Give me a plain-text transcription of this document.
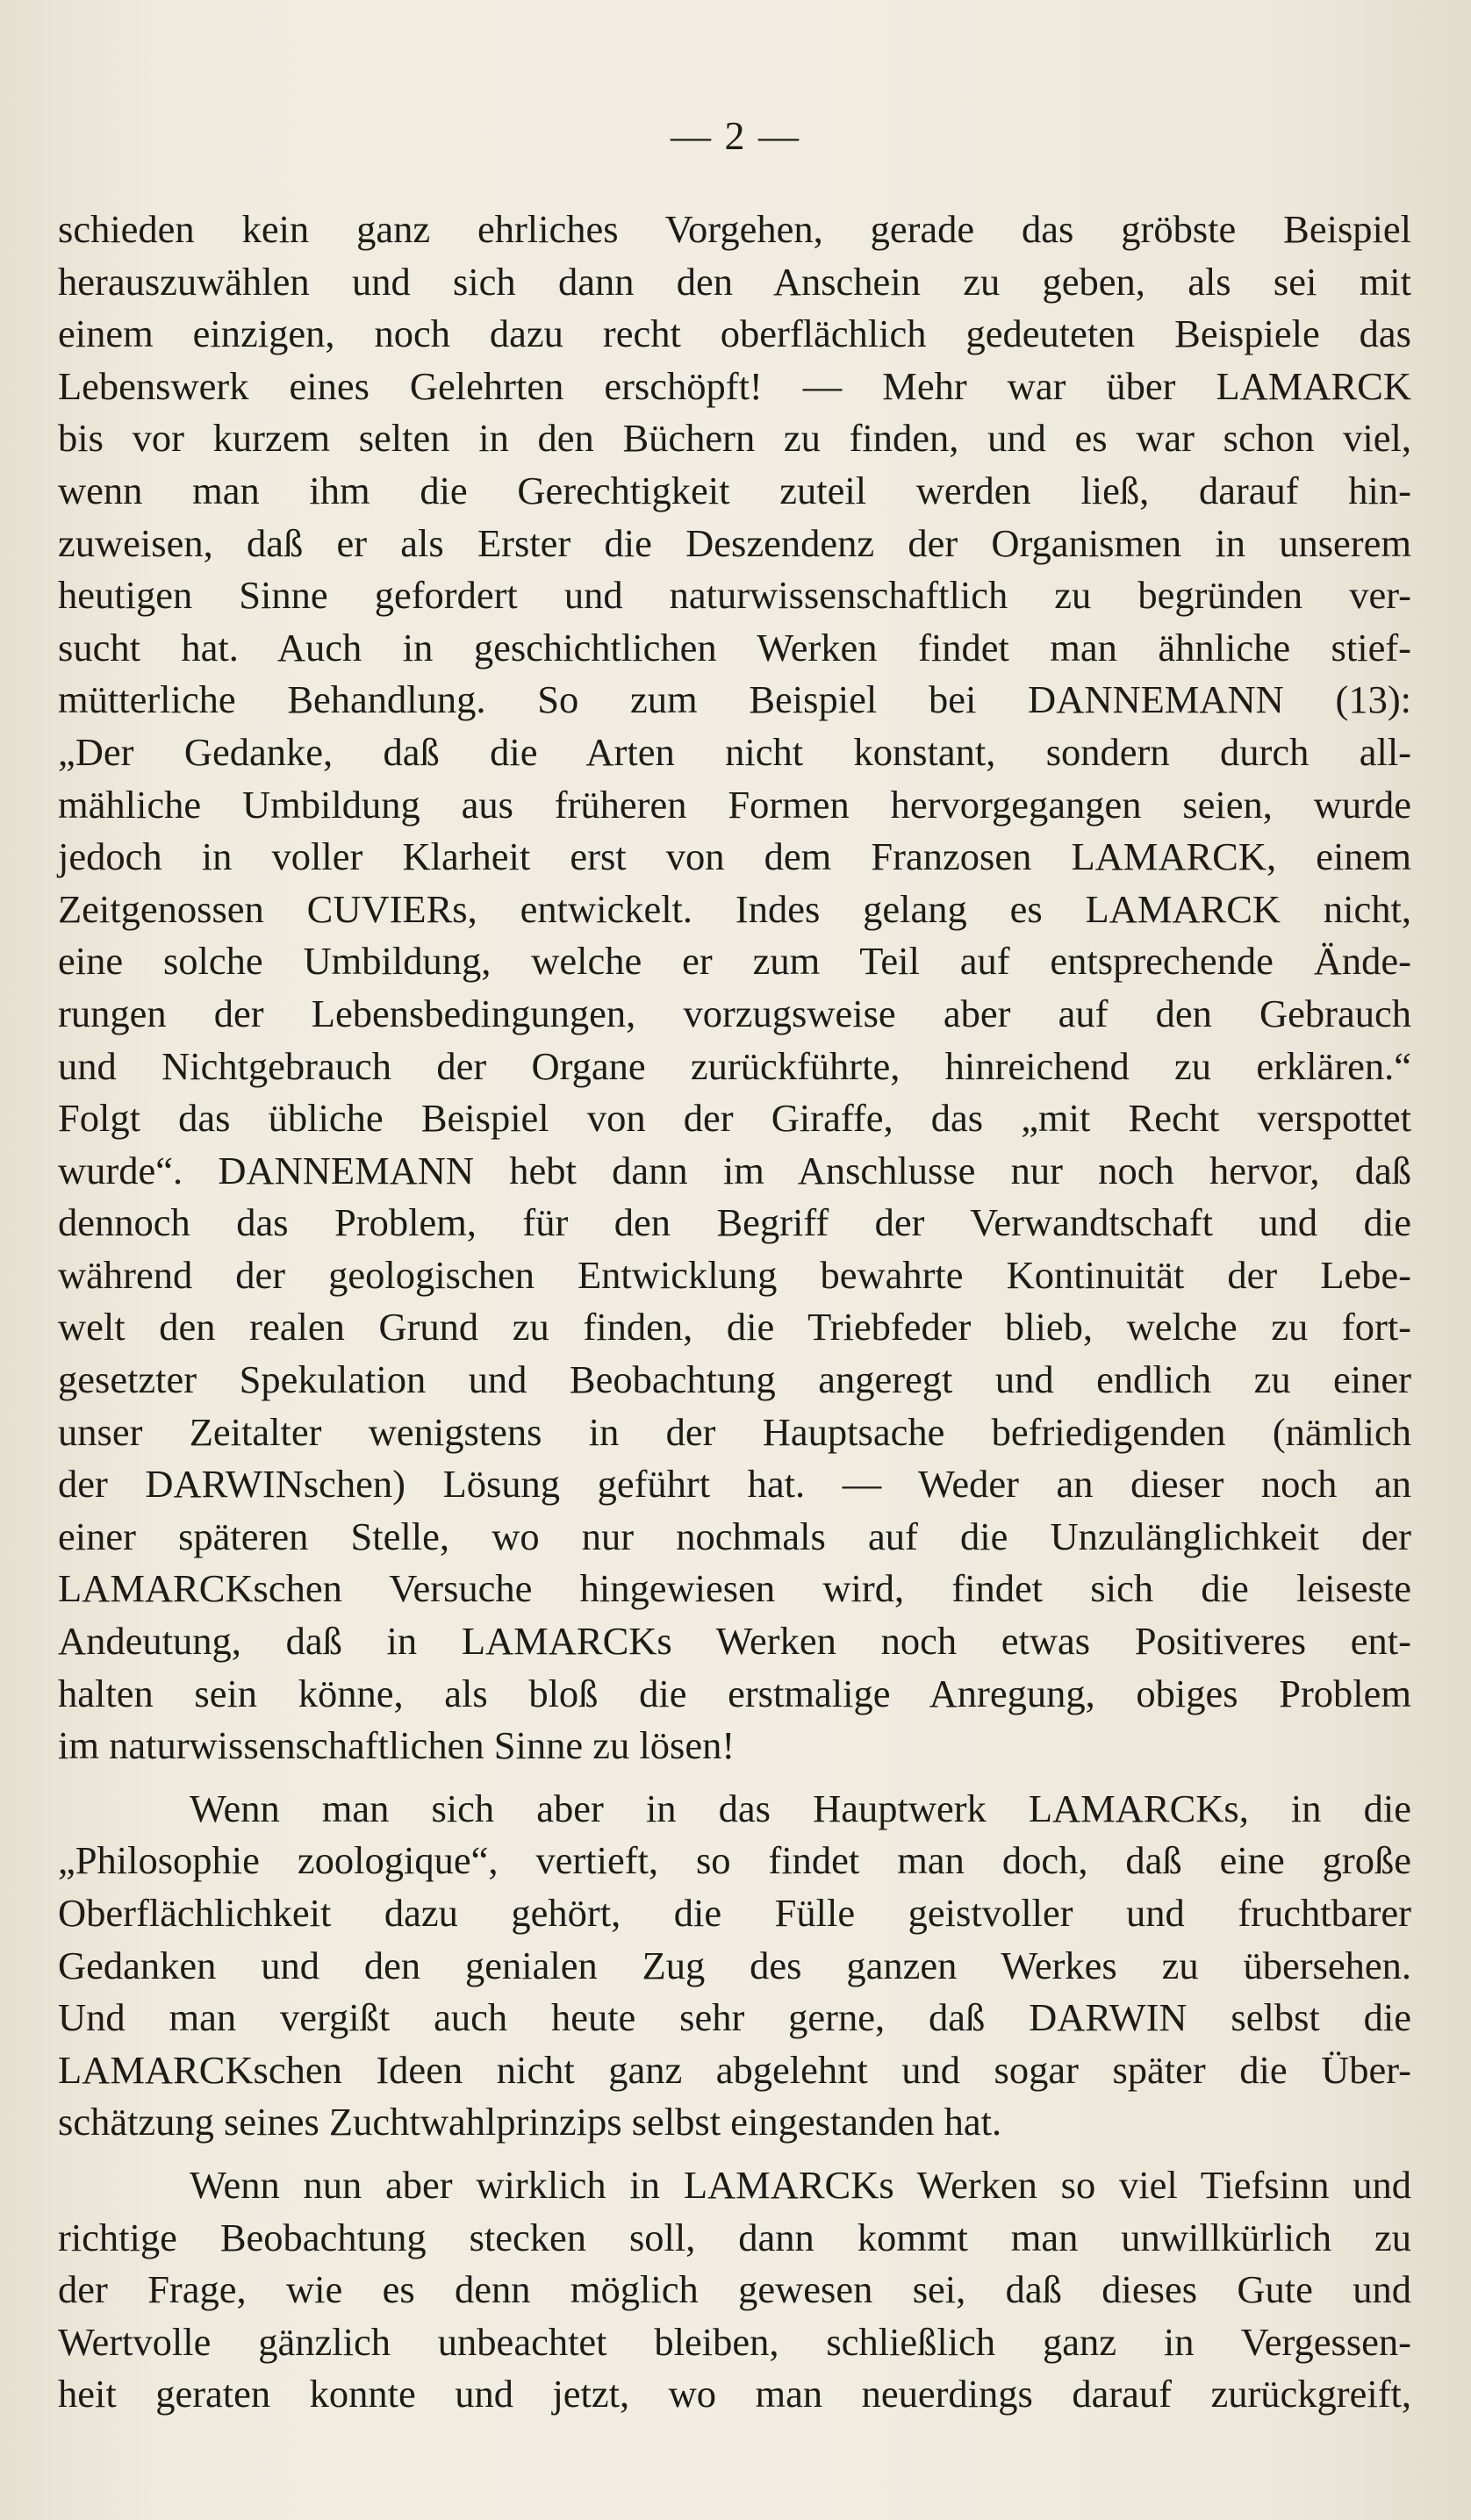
— 2 —
schieden kein ganz ehrliches Vorgehen, gerade das gröbste Beispiel
herauszuwählen und sich dann den Anschein zu geben, als sei mit
einem einzigen, noch dazu recht oberflächlich gedeuteten Beispiele das
Lebenswerk eines Gelehrten erschöpft! — Mehr war über LAMARCK
bis vor kurzem selten in den Büchern zu finden, und es war schon viel,
wenn man ihm die Gerechtigkeit zuteil werden ließ, darauf hin-
zuweisen, daß er als Erster die Deszendenz der Organismen in unserem
heutigen Sinne gefordert und naturwissenschaftlich zu begründen ver-
sucht hat. Auch in geschichtlichen Werken findet man ähnliche stief-
mütterliche Behandlung. So zum Beispiel bei DANNEMANN (13):
„Der Gedanke, daß die Arten nicht konstant, sondern durch all-
mähliche Umbildung aus früheren Formen hervorgegangen seien, wurde
jedoch in voller Klarheit erst von dem Franzosen LAMARCK, einem
Zeitgenossen CUVIERs, entwickelt. Indes gelang es LAMARCK nicht,
eine solche Umbildung, welche er zum Teil auf entsprechende Ände-
rungen der Lebensbedingungen, vorzugsweise aber auf den Gebrauch
und Nichtgebrauch der Organe zurückführte, hinreichend zu erklären.“
Folgt das übliche Beispiel von der Giraffe, das „mit Recht verspottet
wurde“. DANNEMANN hebt dann im Anschlusse nur noch hervor, daß
dennoch das Problem, für den Begriff der Verwandtschaft und die
während der geologischen Entwicklung bewahrte Kontinuität der Lebe-
welt den realen Grund zu finden, die Triebfeder blieb, welche zu fort-
gesetzter Spekulation und Beobachtung angeregt und endlich zu einer
unser Zeitalter wenigstens in der Hauptsache befriedigenden (nämlich
der DARWINschen) Lösung geführt hat. — Weder an dieser noch an
einer späteren Stelle, wo nur nochmals auf die Unzulänglichkeit der
LAMARCKschen Versuche hingewiesen wird, findet sich die leiseste
Andeutung, daß in LAMARCKs Werken noch etwas Positiveres ent-
halten sein könne, als bloß die erstmalige Anregung, obiges Problem
im naturwissenschaftlichen Sinne zu lösen!
Wenn man sich aber in das Hauptwerk LAMARCKs, in die
„Philosophie zoologique“, vertieft, so findet man doch, daß eine große
Oberflächlichkeit dazu gehört, die Fülle geistvoller und fruchtbarer
Gedanken und den genialen Zug des ganzen Werkes zu übersehen.
Und man vergißt auch heute sehr gerne, daß DARWIN selbst die
LAMARCKschen Ideen nicht ganz abgelehnt und sogar später die Über-
schätzung seines Zuchtwahlprinzips selbst eingestanden hat.
Wenn nun aber wirklich in LAMARCKs Werken so viel Tiefsinn und
richtige Beobachtung stecken soll, dann kommt man unwillkürlich zu
der Frage, wie es denn möglich gewesen sei, daß dieses Gute und
Wertvolle gänzlich unbeachtet bleiben, schließlich ganz in Vergessen-
heit geraten konnte und jetzt, wo man neuerdings darauf zurückgreift,
